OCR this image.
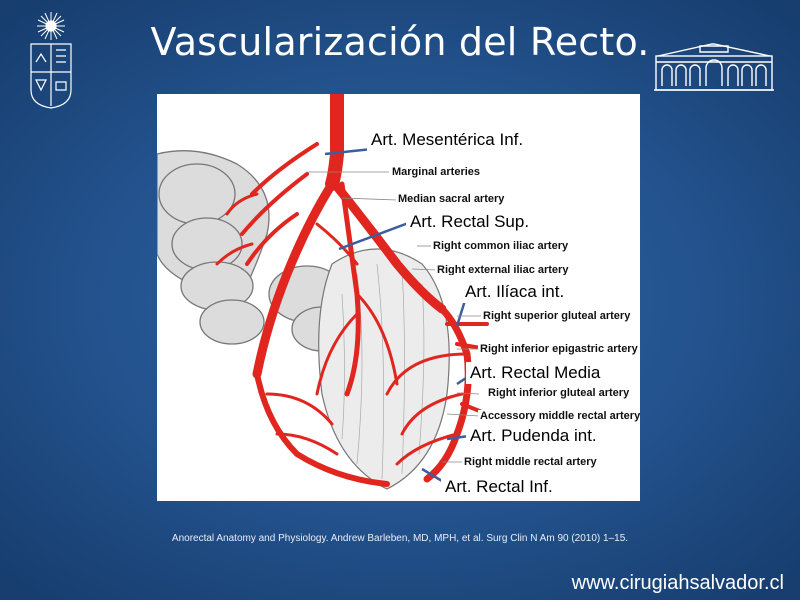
Vascularización del Recto.
Marginal arteries
Median sacral artery
Right common iliac artery
Right external iliac artery
Right superior gluteal artery
Right inferior epigastric artery
Right inferior gluteal artery
Accessory middle rectal artery
Right middle rectal artery
Art. Mesentérica Inf.
Art. Rectal Sup.
Art. Ilíaca int.
Art. Rectal Media
Art. Pudenda int.
Art. Rectal Inf.
Anorectal Anatomy and Physiology. Andrew Barleben, MD, MPH, et al. Surg Clin N Am 90 (2010) 1–15.
www.cirugiahsalvador.cl
